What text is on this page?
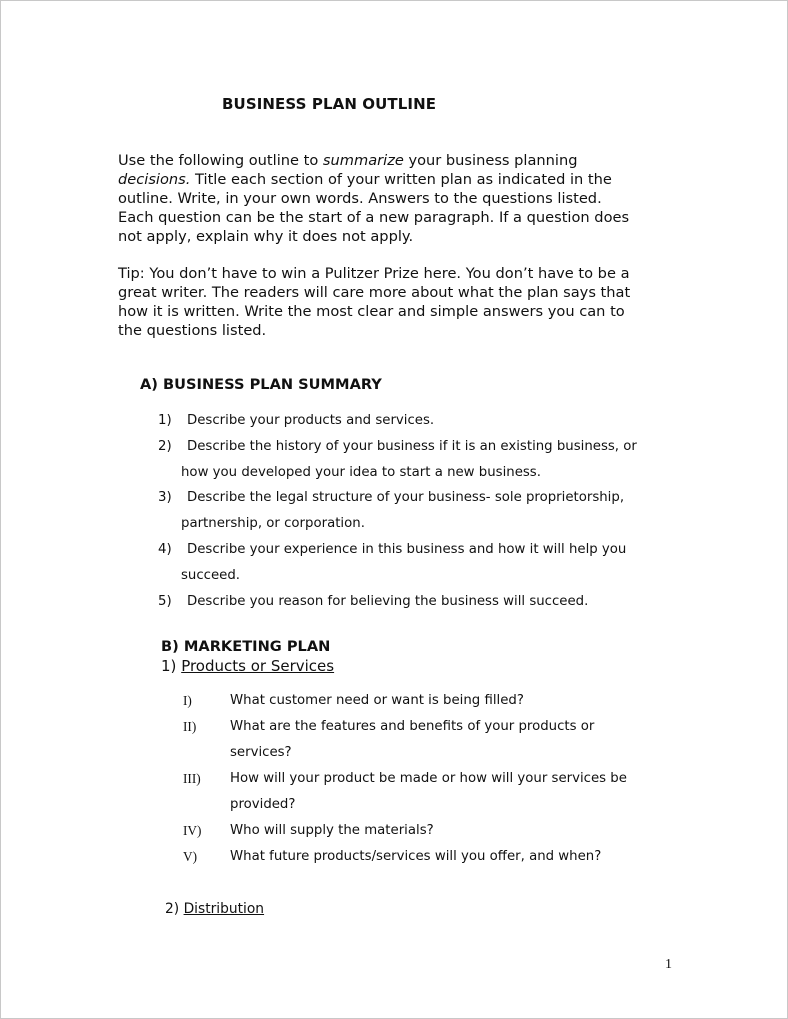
BUSINESS PLAN OUTLINE
Use the following outline to summarize your business planning
decisions. Title each section of your written plan as indicated in the
outline. Write, in your own words. Answers to the questions listed.
Each question can be the start of a new paragraph. If a question does
not apply, explain why it does not apply.
Tip: You don’t have to win a Pulitzer Prize here. You don’t have to be a
great writer. The readers will care more about what the plan says that
how it is written. Write the most clear and simple answers you can to
the questions listed.
A) BUSINESS PLAN SUMMARY
1) Describe your products and services.
2) Describe the history of your business if it is an existing business, or
how you developed your idea to start a new business.
3) Describe the legal structure of your business- sole proprietorship,
partnership, or corporation.
4) Describe your experience in this business and how it will help you
succeed.
5) Describe you reason for believing the business will succeed.
B) MARKETING PLAN
1) Products or Services
I)	What customer need or want is being filled?
II)	What are the features and benefits of your products or
services?
III) How will your product be made or how will your services be
provided?
IV) Who will supply the materials?
V) What future products/services will you offer, and when?
2) Distribution
1
